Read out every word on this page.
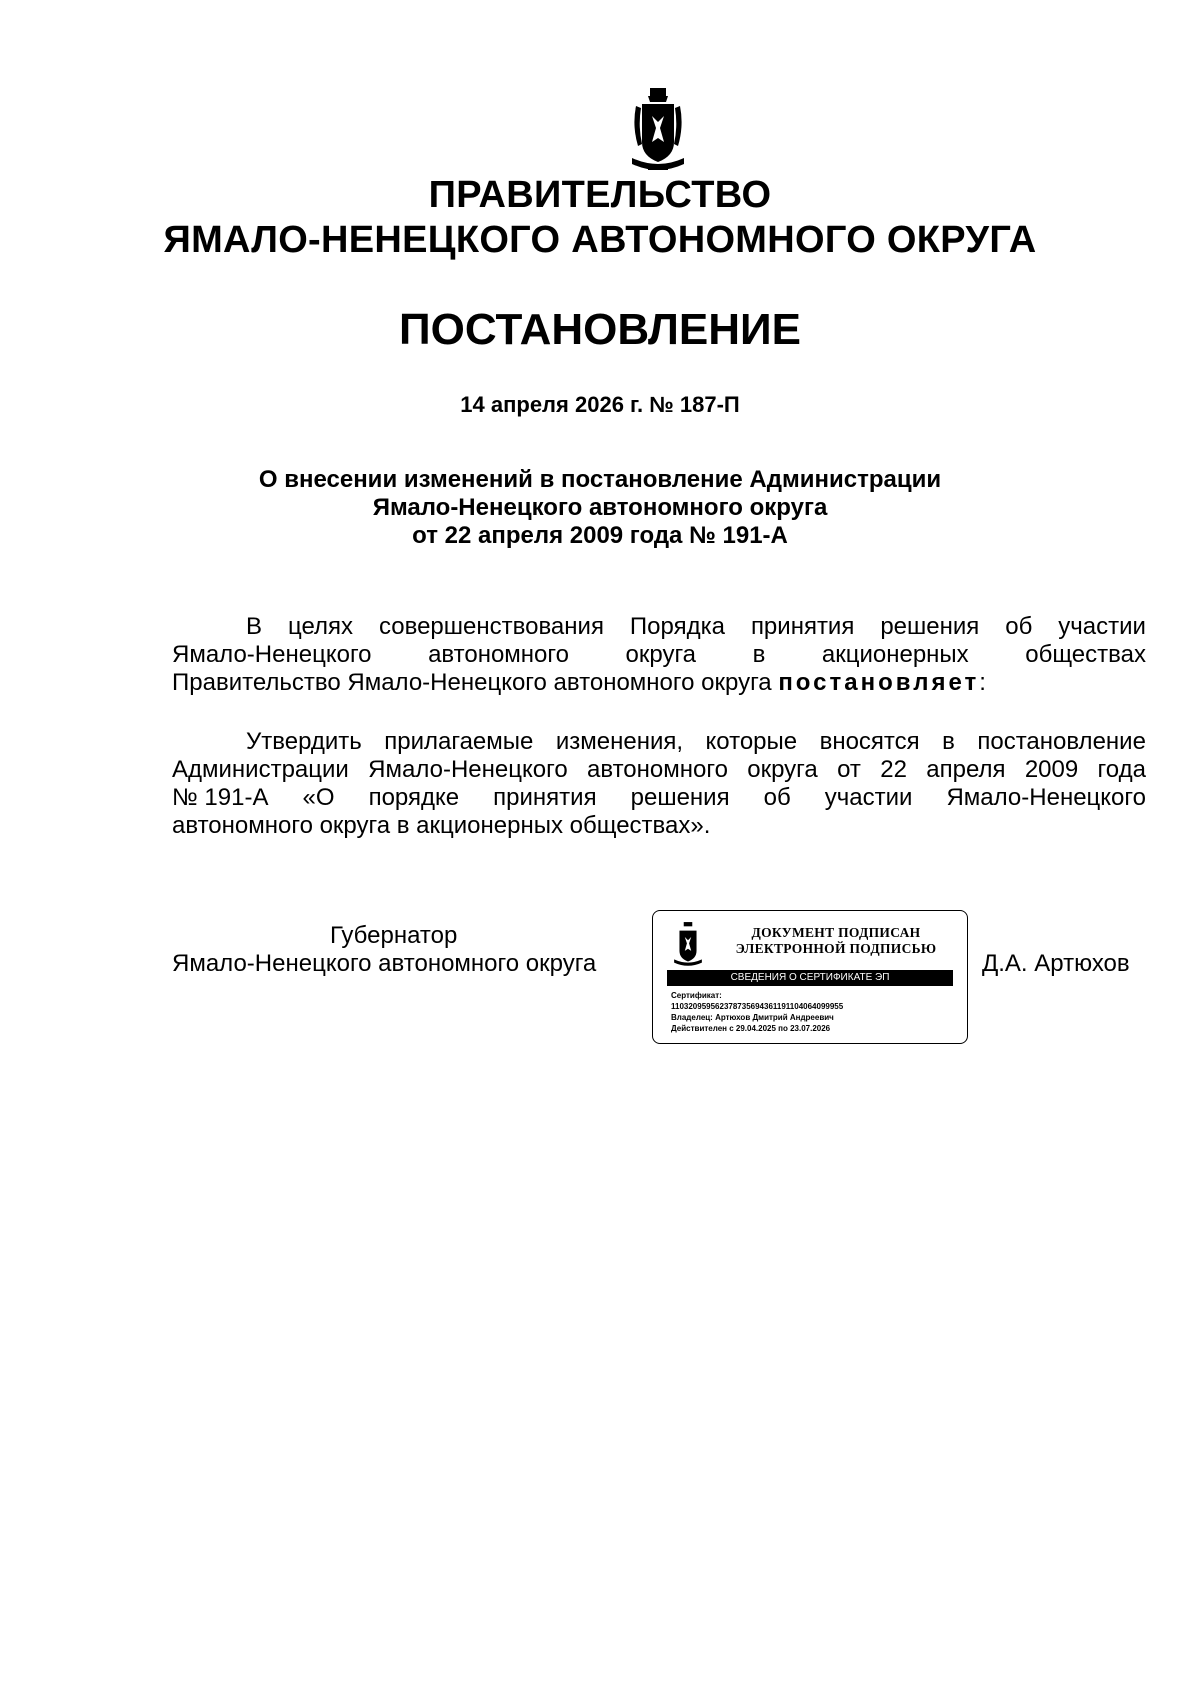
ПРАВИТЕЛЬСТВО
ЯМАЛО-НЕНЕЦКОГО АВТОНОМНОГО ОКРУГА
ПОСТАНОВЛЕНИЕ
14 апреля 2026 г. № 187-П
О внесении изменений в постановление Администрации
Ямало-Ненецкого автономного округа
от 22 апреля 2009 года № 191-А
В целях совершенствования Порядка принятия решения об участии
Ямало-Ненецкого автономного округа в акционерных обществах
Правительство Ямало-Ненецкого автономного округа постановляет:
Утвердить прилагаемые изменения, которые вносятся в постановление
Администрации Ямало-Ненецкого автономного округа от 22 апреля 2009 года
№ 191-А «О порядке принятия решения об участии Ямало-Ненецкого
автономного округа в акционерных обществах».
Губернатор
Ямало-Ненецкого автономного округа
ДОКУМЕНТ ПОДПИСАН
ЭЛЕКТРОННОЙ ПОДПИСЬЮ
СВЕДЕНИЯ О СЕРТИФИКАТЕ ЭП
Сертификат:
110320959562378735694361191104064099955
Владелец: Артюхов Дмитрий Андреевич
Действителен с 29.04.2025 по 23.07.2026
Д.А. Артюхов
